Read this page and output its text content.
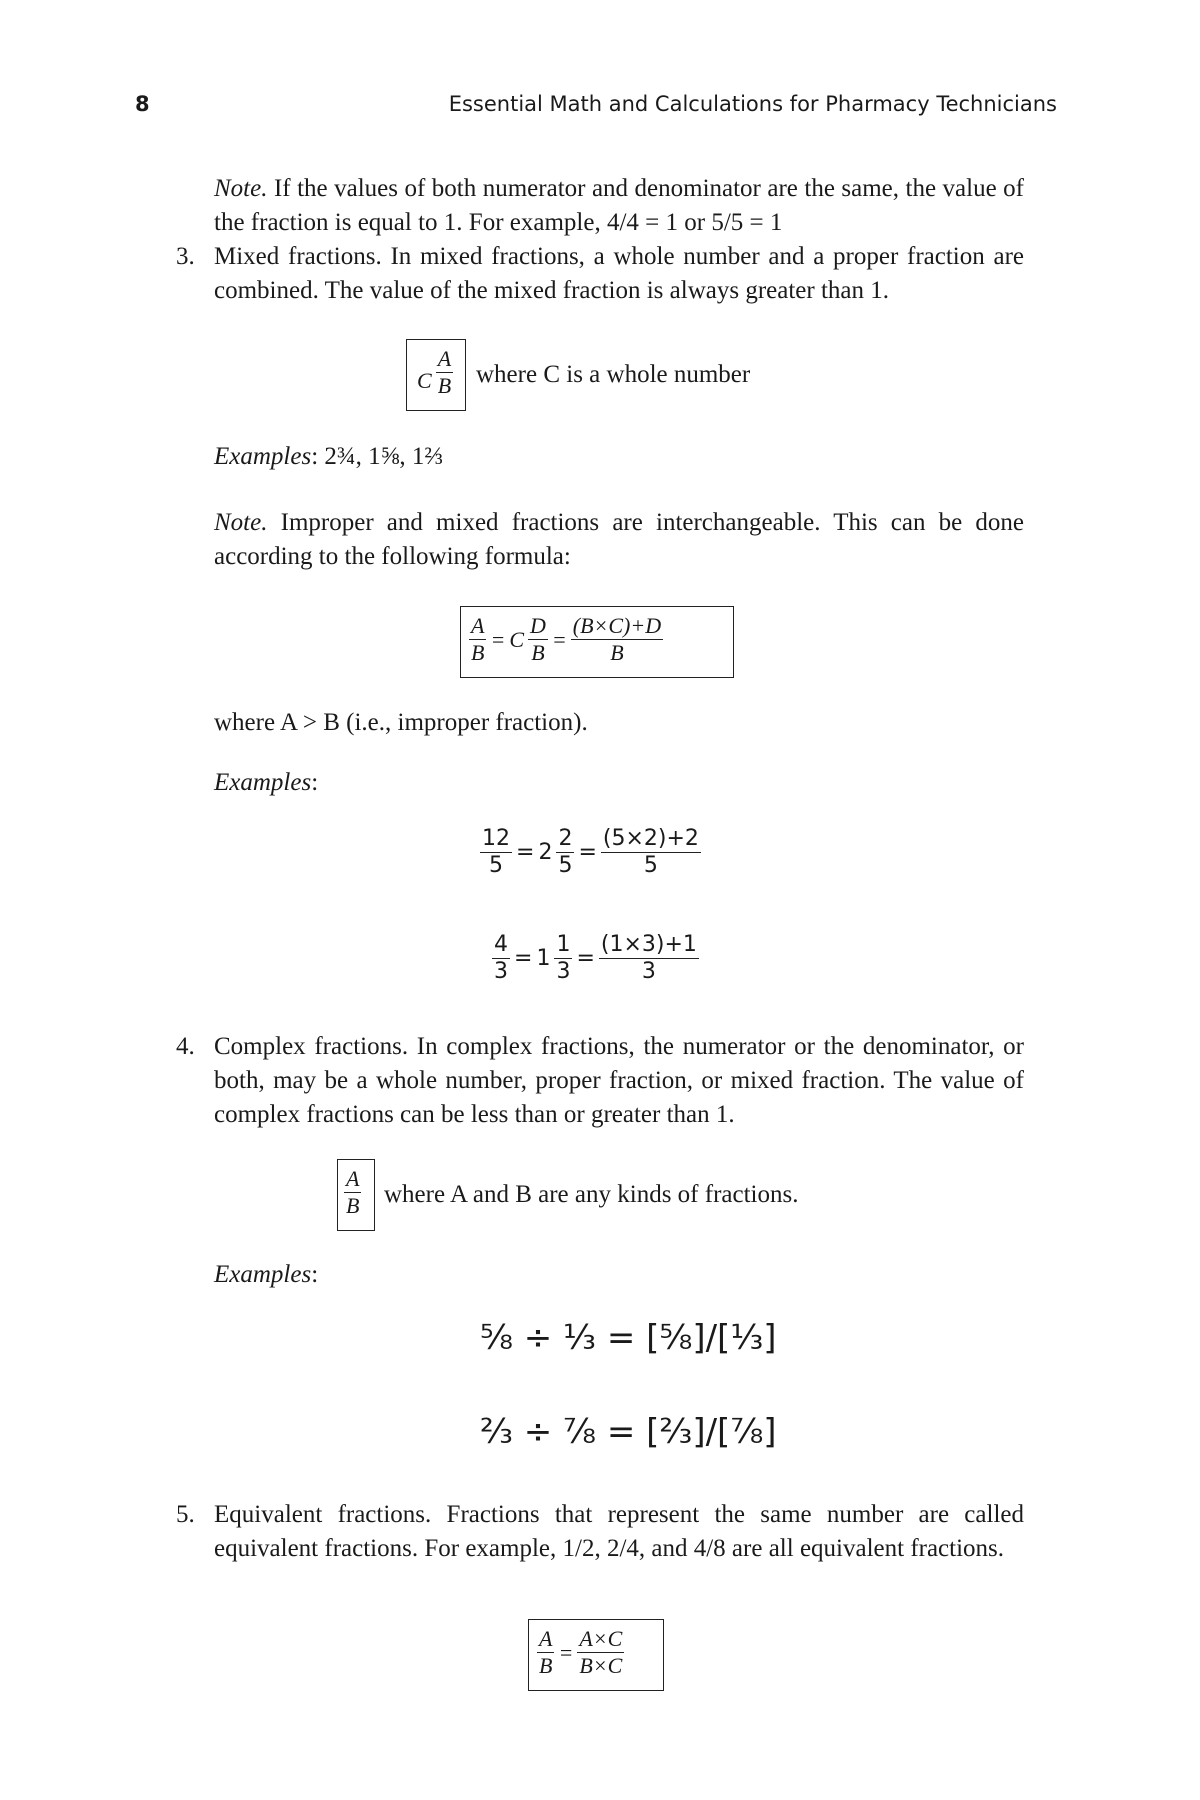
8	Essential Math and Calculations for Pharmacy Technicians
Note. If the values of both numerator and denominator are the same, the value of the fraction is equal to 1. For example, 4/4 = 1 or 5/5 = 1
3. Mixed fractions. In mixed fractions, a whole number and a proper fraction are combined. The value of the mixed fraction is always greater than 1.
C $\frac{A}{B}$ where C is a whole number
Examples: 2¾, 1⅝, 1⅔
Note. Improper and mixed fractions are interchangeable. This can be done according to the following formula:
$\frac{A}{B} = C \frac{D}{B} = \frac{(B\times C)+D}{B}$
where A > B (i.e., improper fraction).
Examples:
$\frac{12}{5} = 2 \frac{2}{5} = \frac{(5\times 2)+2}{5}$
$\frac{4}{3} = 1 \frac{1}{3} = \frac{(1\times 3)+1}{3}$
4. Complex fractions. In complex fractions, the numerator or the denominator, or both, may be a whole number, proper fraction, or mixed fraction. The value of complex fractions can be less than or greater than 1.
$\frac{A}{B}$ where A and B are any kinds of fractions.
Examples:
⅝ ÷ ⅓ = [⅝]/[⅓]
⅔ ÷ ⅞ = [⅔]/[⅞]
5. Equivalent fractions. Fractions that represent the same number are called equivalent fractions. For example, 1/2, 2/4, and 4/8 are all equivalent fractions.
$\frac{A}{B} = \frac{A\times C}{B\times C}$
